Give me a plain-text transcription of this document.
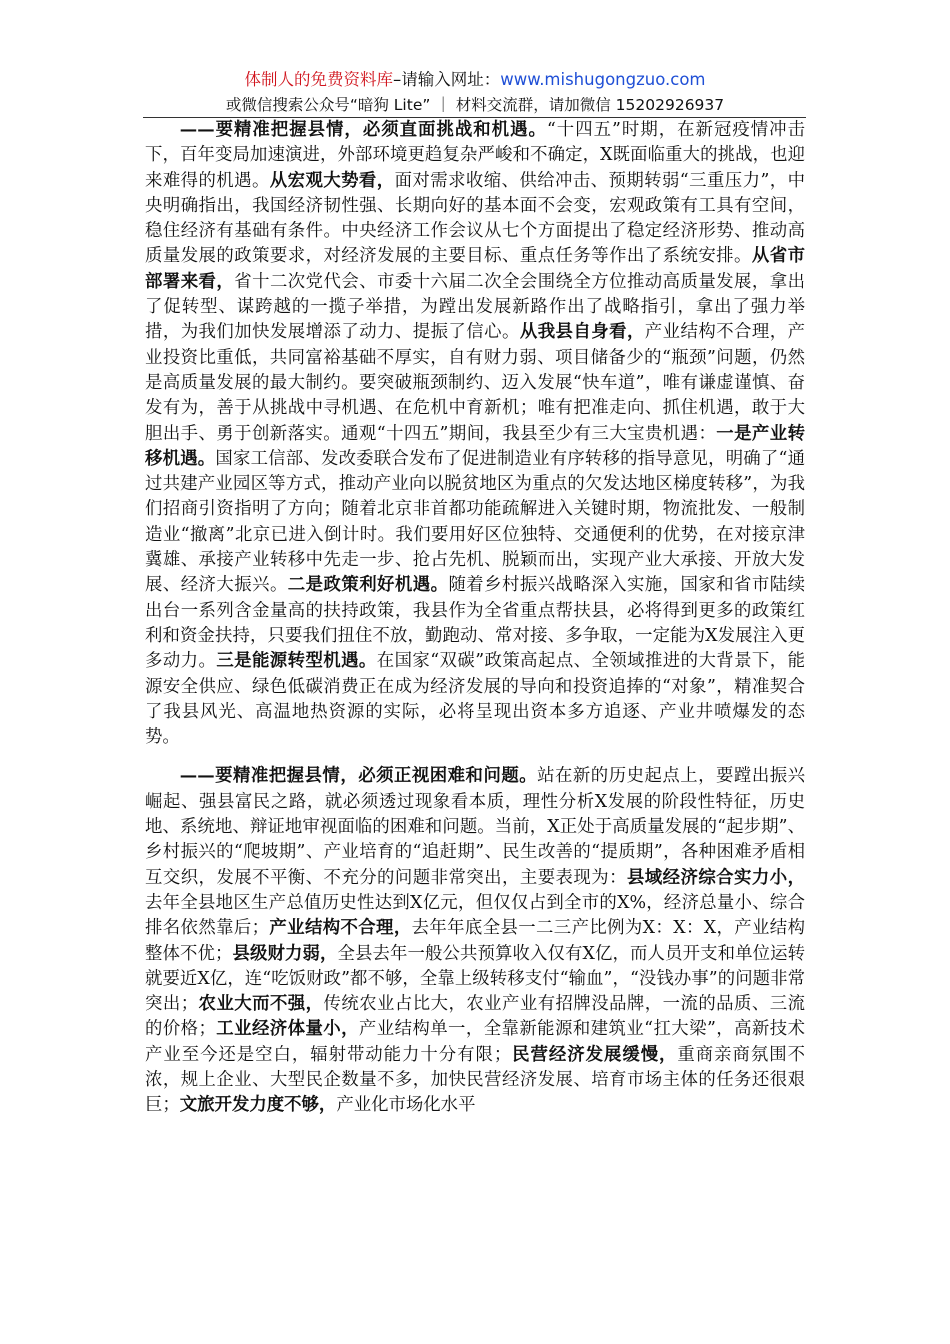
体制人的免费资料库–请输入网址：www.mishugongzuo.com
或微信搜索公众号“暗狗 Lite” ｜ 材料交流群，请加微信 15202926937

——要精准把握县情，必须直面挑战和机遇。“十四五”时期，在新冠疫情冲击下，百年变局加速演进，外部环境更趋复杂严峻和不确定，X既面临重大的挑战，也迎来难得的机遇。从宏观大势看，面对需求收缩、供给冲击、预期转弱“三重压力”，中央明确指出，我国经济韧性强、长期向好的基本面不会变，宏观政策有工具有空间，稳住经济有基础有条件。中央经济工作会议从七个方面提出了稳定经济形势、推动高质量发展的政策要求，对经济发展的主要目标、重点任务等作出了系统安排。从省市部署来看，省十二次党代会、市委十六届二次全会围绕全方位推动高质量发展，拿出了促转型、谋跨越的一揽子举措，为蹚出发展新路作出了战略指引，拿出了强力举措，为我们加快发展增添了动力、提振了信心。从我县自身看，产业结构不合理，产业投资比重低，共同富裕基础不厚实，自有财力弱、项目储备少的“瓶颈”问题，仍然是高质量发展的最大制约。要突破瓶颈制约、迈入发展“快车道”，唯有谦虚谨慎、奋发有为，善于从挑战中寻机遇、在危机中育新机；唯有把准走向、抓住机遇，敢于大胆出手、勇于创新落实。通观“十四五”期间，我县至少有三大宝贵机遇：一是产业转移机遇。国家工信部、发改委联合发布了促进制造业有序转移的指导意见，明确了“通过共建产业园区等方式，推动产业向以脱贫地区为重点的欠发达地区梯度转移”，为我们招商引资指明了方向；随着北京非首都功能疏解进入关键时期，物流批发、一般制造业“撤离”北京已进入倒计时。我们要用好区位独特、交通便利的优势，在对接京津冀雄、承接产业转移中先走一步、抢占先机、脱颖而出，实现产业大承接、开放大发展、经济大振兴。二是政策利好机遇。随着乡村振兴战略深入实施，国家和省市陆续出台一系列含金量高的扶持政策，我县作为全省重点帮扶县，必将得到更多的政策红利和资金扶持，只要我们扭住不放，勤跑动、常对接、多争取，一定能为X发展注入更多动力。三是能源转型机遇。在国家“双碳”政策高起点、全领域推进的大背景下，能源安全供应、绿色低碳消费正在成为经济发展的导向和投资追捧的“对象”，精准契合了我县风光、高温地热资源的实际，必将呈现出资本多方追逐、产业井喷爆发的态势。

——要精准把握县情，必须正视困难和问题。站在新的历史起点上，要蹚出振兴崛起、强县富民之路，就必须透过现象看本质，理性分析X发展的阶段性特征，历史地、系统地、辩证地审视面临的困难和问题。当前，X正处于高质量发展的“起步期”、乡村振兴的“爬坡期”、产业培育的“追赶期”、民生改善的“提质期”，各种困难矛盾相互交织，发展不平衡、不充分的问题非常突出，主要表现为：县域经济综合实力小，去年全县地区生产总值历史性达到X亿元，但仅仅占到全市的X%，经济总量小、综合排名依然靠后；产业结构不合理，去年年底全县一二三产比例为X：X：X，产业结构整体不优；县级财力弱，全县去年一般公共预算收入仅有X亿，而人员开支和单位运转就要近X亿，连“吃饭财政”都不够，全靠上级转移支付“输血”，“没钱办事”的问题非常突出；农业大而不强，传统农业占比大，农业产业有招牌没品牌，一流的品质、三流的价格；工业经济体量小，产业结构单一，全靠新能源和建筑业“扛大梁”，高新技术产业至今还是空白，辐射带动能力十分有限；民营经济发展缓慢，重商亲商氛围不浓，规上企业、大型民企数量不多，加快民营经济发展、培育市场主体的任务还很艰巨；文旅开发力度不够，产业化市场化水平
